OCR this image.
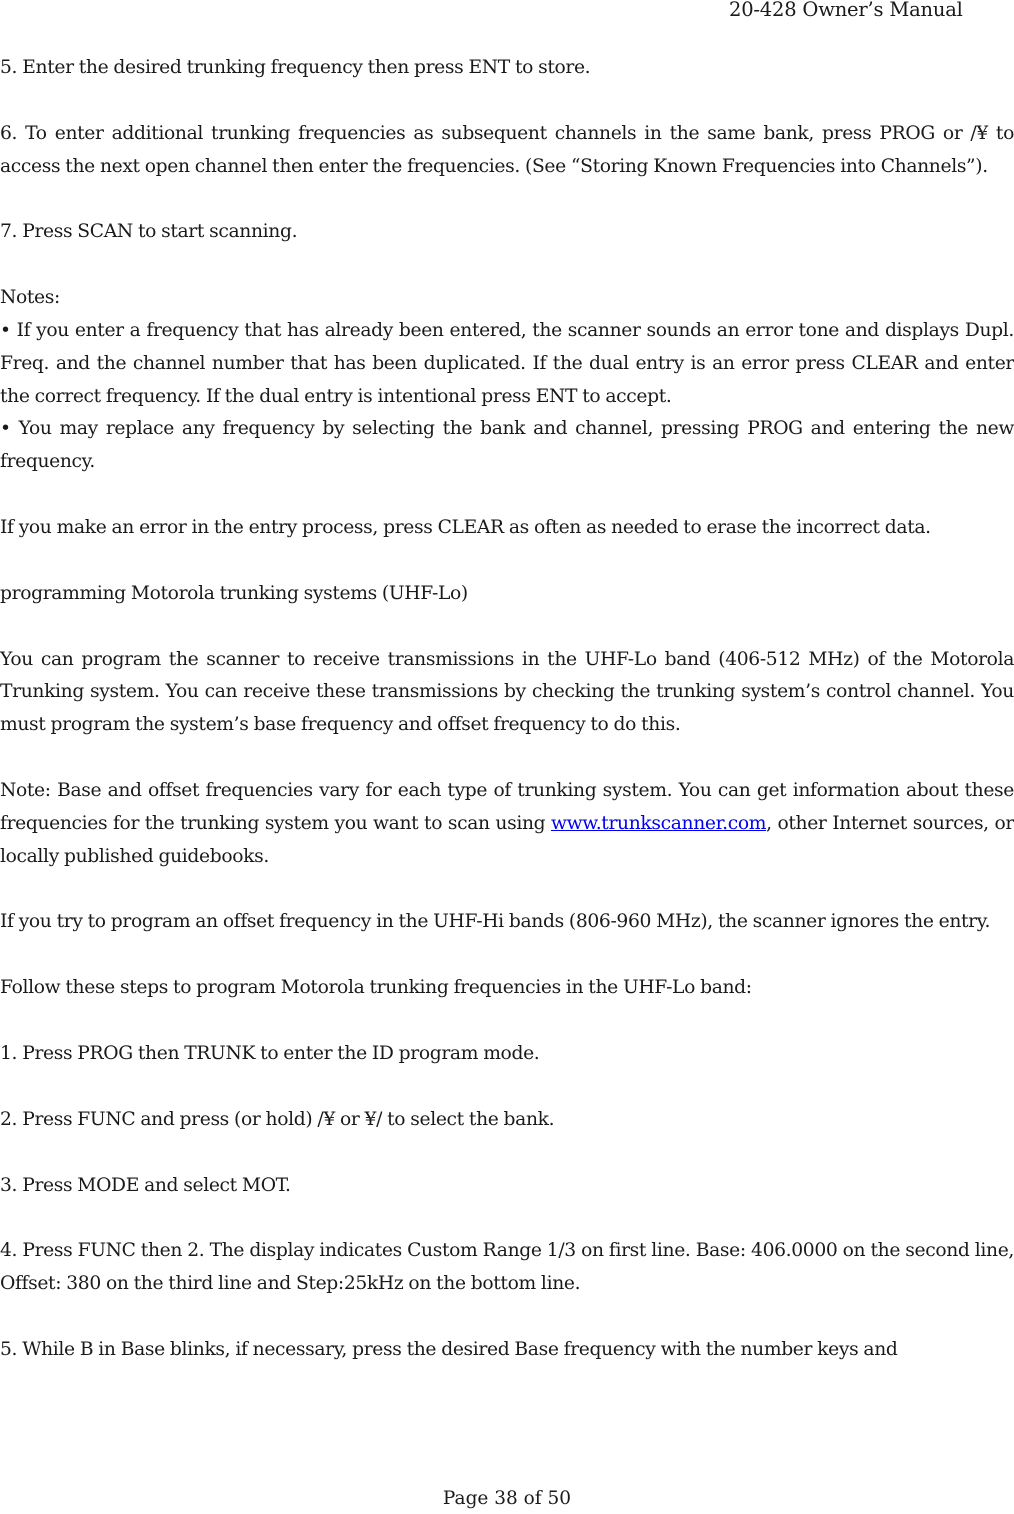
20-428 Owner’s Manual

5. Enter the desired trunking frequency then press ENT to store.

6. To enter additional trunking frequencies as subsequent channels in the same bank, press PROG or /¥ to access the next open channel then enter the frequencies. (See “Storing Known Frequencies into Channels”).

7. Press SCAN to start scanning.

Notes:
• If you enter a frequency that has already been entered, the scanner sounds an error tone and displays Dupl. Freq. and the channel number that has been duplicated. If the dual entry is an error press CLEAR and enter the correct frequency. If the dual entry is intentional press ENT to accept.
• You may replace any frequency by selecting the bank and channel, pressing PROG and entering the new frequency.

If you make an error in the entry process, press CLEAR as often as needed to erase the incorrect data.

programming Motorola trunking systems (UHF-Lo)

You can program the scanner to receive transmissions in the UHF-Lo band (406-512 MHz) of the Motorola Trunking system. You can receive these transmissions by checking the trunking system’s control channel. You must program the system’s base frequency and offset frequency to do this.

Note: Base and offset frequencies vary for each type of trunking system. You can get information about these frequencies for the trunking system you want to scan using www.trunkscanner.com, other Internet sources, or locally published guidebooks.

If you try to program an offset frequency in the UHF-Hi bands (806-960 MHz), the scanner ignores the entry.

Follow these steps to program Motorola trunking frequencies in the UHF-Lo band:

1. Press PROG then TRUNK to enter the ID program mode.

2. Press FUNC and press (or hold) /¥ or ¥/ to select the bank.

3. Press MODE and select MOT.

4. Press FUNC then 2. The display indicates Custom Range 1/3 on first line. Base: 406.0000 on the second line, Offset: 380 on the third line and Step:25kHz on the bottom line.

5. While B in Base blinks, if necessary, press the desired Base frequency with the number keys and

Page 38 of 50
